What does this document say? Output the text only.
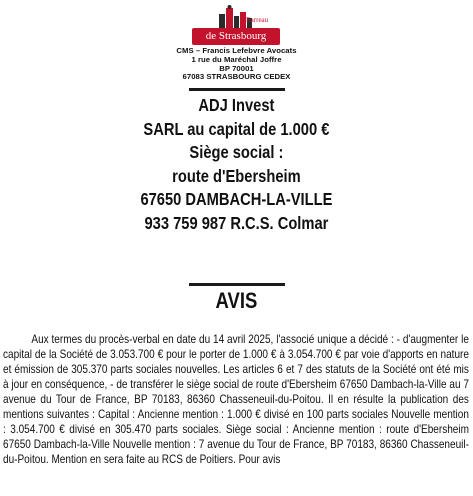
Barreau
de Strasbourg
CMS – Francis Lefebvre Avocats
1 rue du Maréchal Joffre
BP 70001
67083 STRASBOURG CEDEX
ADJ Invest
SARL au capital de 1.000 €
Siège social :
route d'Ebersheim
67650 DAMBACH-LA-VILLE
933 759 987 R.C.S. Colmar
AVIS
Aux termes du procès-verbal en date du 14 avril 2025, l'associé unique a décidé : - d'augmenter le capital de la Société de 3.053.700 € pour le porter de 1.000 € à 3.054.700 € par voie d'apports en nature et émission de 305.370 parts sociales nouvelles. Les articles 6 et 7 des statuts de la Société ont été mis à jour en conséquence, - de transférer le siège social de route d'Ebersheim 67650 Dambach-la-Ville au 7 avenue du Tour de France, BP 70183, 86360 Chasseneuil-du-Poitou. Il en résulte la publication des mentions suivantes : Capital : Ancienne mention : 1.000 € divisé en 100 parts sociales Nouvelle mention : 3.054.700 € divisé en 305.470 parts sociales. Siège social : Ancienne mention : route d'Ebersheim 67650 Dambach-la-Ville Nouvelle mention : 7 avenue du Tour de France, BP 70183, 86360 Chasseneuil-du-Poitou. Mention en sera faite au RCS de Poitiers. Pour avis
